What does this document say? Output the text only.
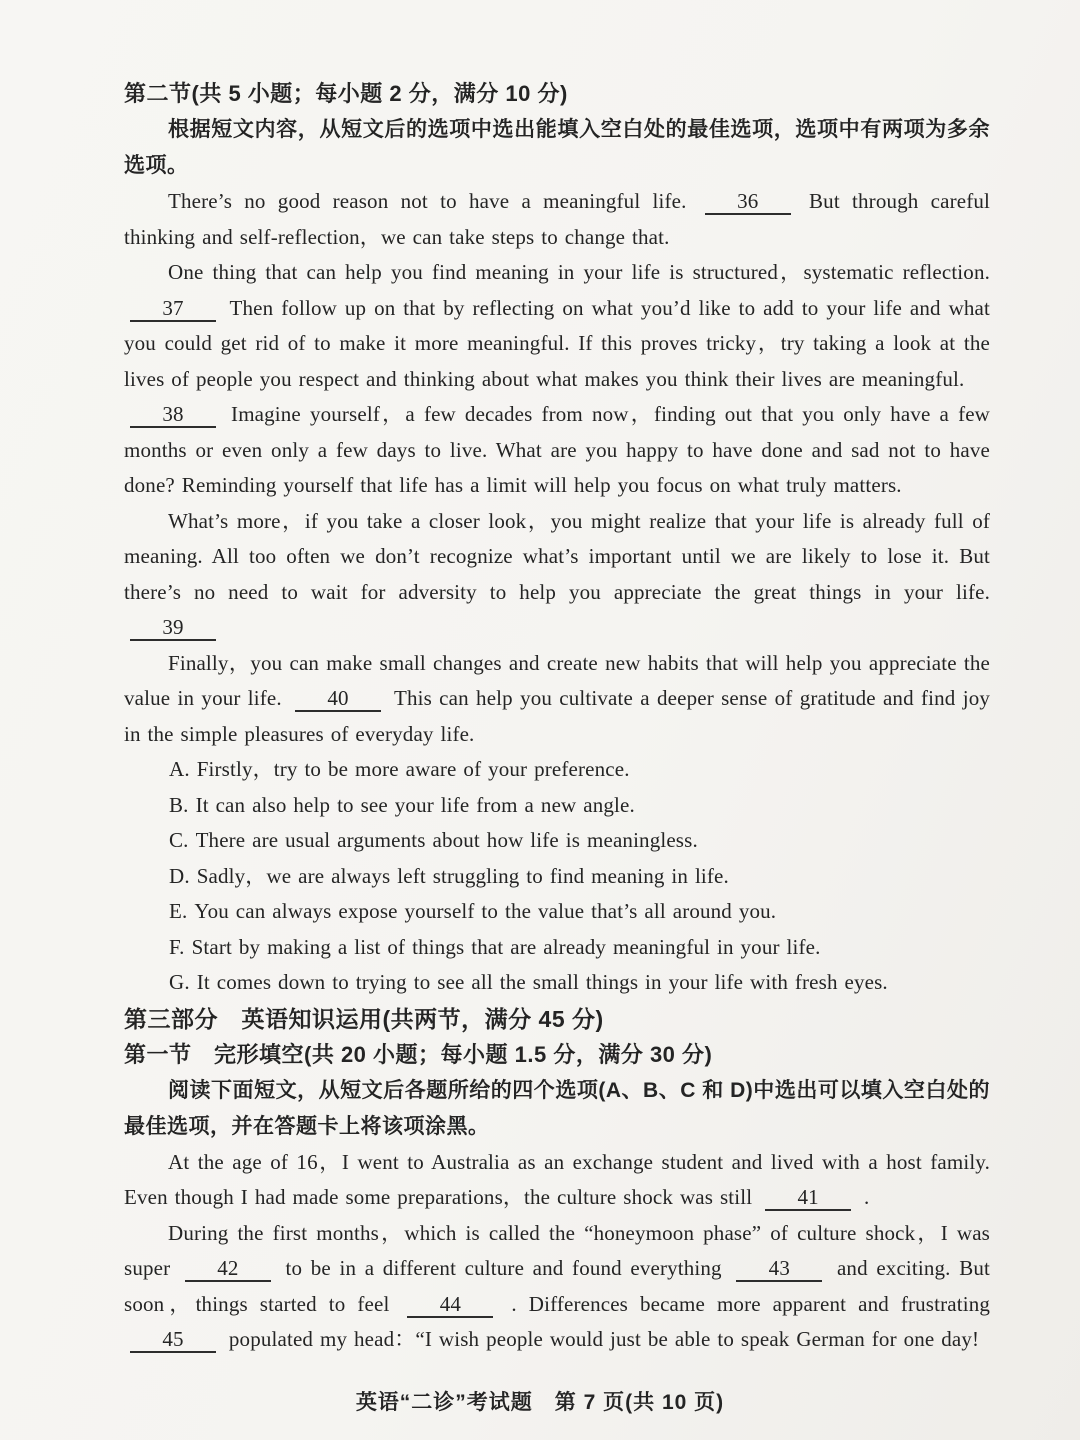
第二节(共 5 小题；每小题 2 分，满分 10 分)

根据短文内容，从短文后的选项中选出能填入空白处的最佳选项，选项中有两项为多余选项。

There’s no good reason not to have a meaningful life. 36 But through careful thinking and self-reflection，we can take steps to change that.

One thing that can help you find meaning in your life is structured，systematic reflection. 37 Then follow up on that by reflecting on what you’d like to add to your life and what you could get rid of to make it more meaningful. If this proves tricky，try taking a look at the lives of people you respect and thinking about what makes you think their lives are meaningful.

38 Imagine yourself，a few decades from now，finding out that you only have a few months or even only a few days to live. What are you happy to have done and sad not to have done? Reminding yourself that life has a limit will help you focus on what truly matters.

What’s more，if you take a closer look，you might realize that your life is already full of meaning. All too often we don’t recognize what’s important until we are likely to lose it. But there’s no need to wait for adversity to help you appreciate the great things in your life. 39

Finally，you can make small changes and create new habits that will help you appreciate the value in your life. 40 This can help you cultivate a deeper sense of gratitude and find joy in the simple pleasures of everyday life.

A. Firstly，try to be more aware of your preference.
B. It can also help to see your life from a new angle.
C. There are usual arguments about how life is meaningless.
D. Sadly，we are always left struggling to find meaning in life.
E. You can always expose yourself to the value that’s all around you.
F. Start by making a list of things that are already meaningful in your life.
G. It comes down to trying to see all the small things in your life with fresh eyes.
第三部分　英语知识运用(共两节，满分 45 分)
第一节　完形填空(共 20 小题；每小题 1.5 分，满分 30 分)

阅读下面短文，从短文后各题所给的四个选项(A、B、C 和 D)中选出可以填入空白处的最佳选项，并在答题卡上将该项涂黑。

At the age of 16，I went to Australia as an exchange student and lived with a host family. Even though I had made some preparations，the culture shock was still 41 .

During the first months，which is called the “honeymoon phase” of culture shock，I was super 42 to be in a different culture and found everything 43 and exciting. But soon，things started to feel 44 . Differences became more apparent and frustrating 45 populated my head：“I wish people would just be able to speak German for one day!

英语“二诊”考试题　第 7 页(共 10 页)
